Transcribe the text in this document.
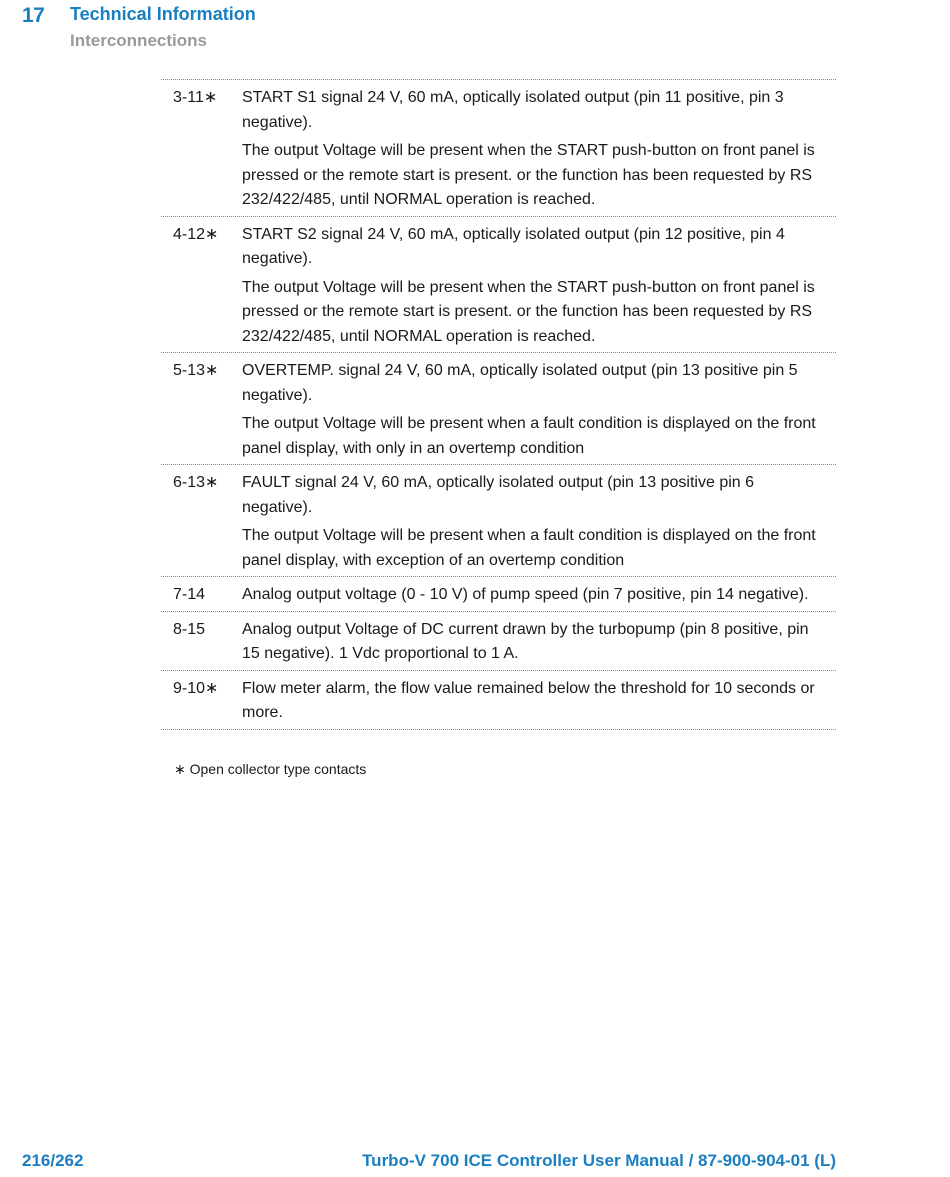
17 Technical Information
Interconnections
3-11∗	START S1 signal 24 V, 60 mA, optically isolated output (pin 11 positive, pin 3 negative).

The output Voltage will be present when the START push-button on front panel is pressed or the remote start is present. or the function has been requested by RS 232/422/485, until NORMAL operation is reached.

4-12∗	START S2 signal 24 V, 60 mA, optically isolated output (pin 12 positive, pin 4 negative).

The output Voltage will be present when the START push-button on front panel is pressed or the remote start is present. or the function has been requested by RS 232/422/485, until NORMAL operation is reached.

5-13∗	OVERTEMP. signal 24 V, 60 mA, optically isolated output (pin 13 positive pin 5 negative).

The output Voltage will be present when a fault condition is displayed on the front panel display, with only in an overtemp condition

6-13∗	FAULT signal 24 V, 60 mA, optically isolated output (pin 13 positive pin 6 negative).

The output Voltage will be present when a fault condition is displayed on the front panel display, with exception of an overtemp condition

7-14	Analog output voltage (0 - 10 V) of pump speed (pin 7 positive, pin 14 negative).

8-15	Analog output Voltage of DC current drawn by the turbopump (pin 8 positive, pin 15 negative). 1 Vdc proportional to 1 A.

9-10∗	Flow meter alarm, the flow value remained below the threshold for 10 seconds or more.

∗ Open collector type contacts
216/262	Turbo-V 700 ICE Controller User Manual / 87-900-904-01 (L)
